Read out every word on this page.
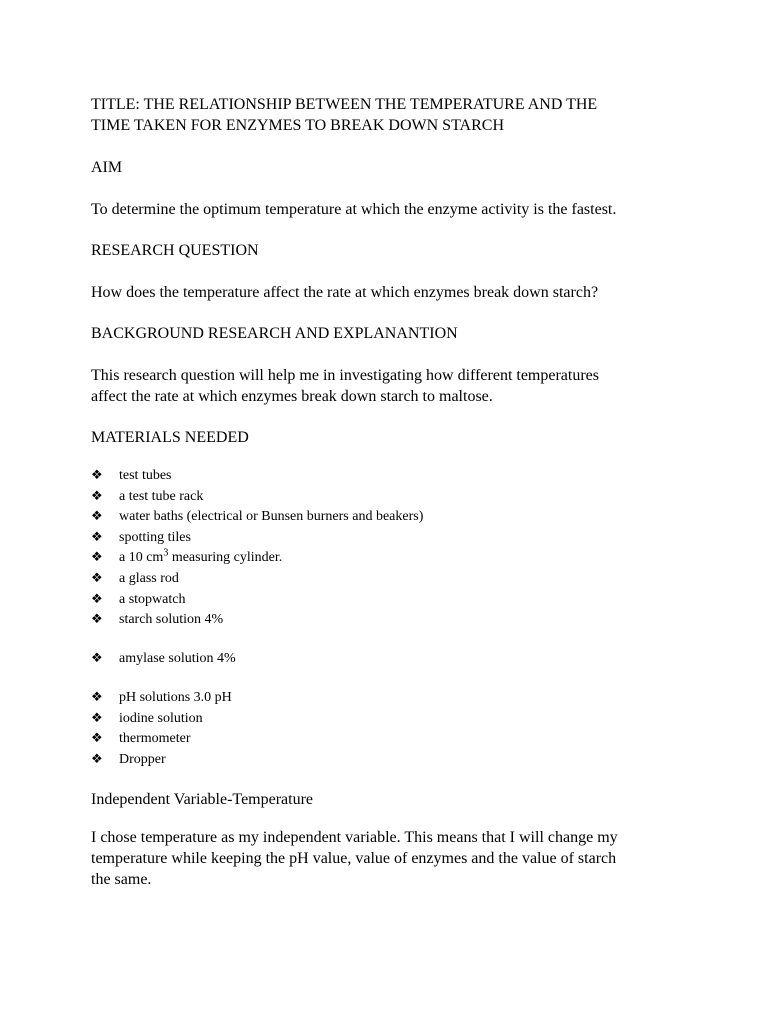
TITLE: THE RELATIONSHIP BETWEEN THE TEMPERATURE AND THE

TIME TAKEN FOR ENZYMES TO BREAK DOWN STARCH

AIM

To determine the optimum temperature at which the enzyme activity is the fastest.

RESEARCH QUESTION

How does the temperature affect the rate at which enzymes break down starch?

BACKGROUND RESEARCH AND EXPLANANTION

This research question will help me in investigating how different temperatures

affect the rate at which enzymes break down starch to maltose.

MATERIALS NEEDED

❖ test tubes
❖ a test tube rack
❖ water baths (electrical or Bunsen burners and beakers)
❖ spotting tiles
❖ a 10 $cm^3$ measuring cylinder.
❖ a glass rod
❖ a stopwatch
❖ starch solution 4%
❖ amylase solution 4%
❖ pH solutions 3.0 pH
❖ iodine solution
❖ thermometer
❖ Dropper

Independent Variable-Temperature

I chose temperature as my independent variable. This means that I will change my

temperature while keeping the pH value, value of enzymes and the value of starch

the same.
